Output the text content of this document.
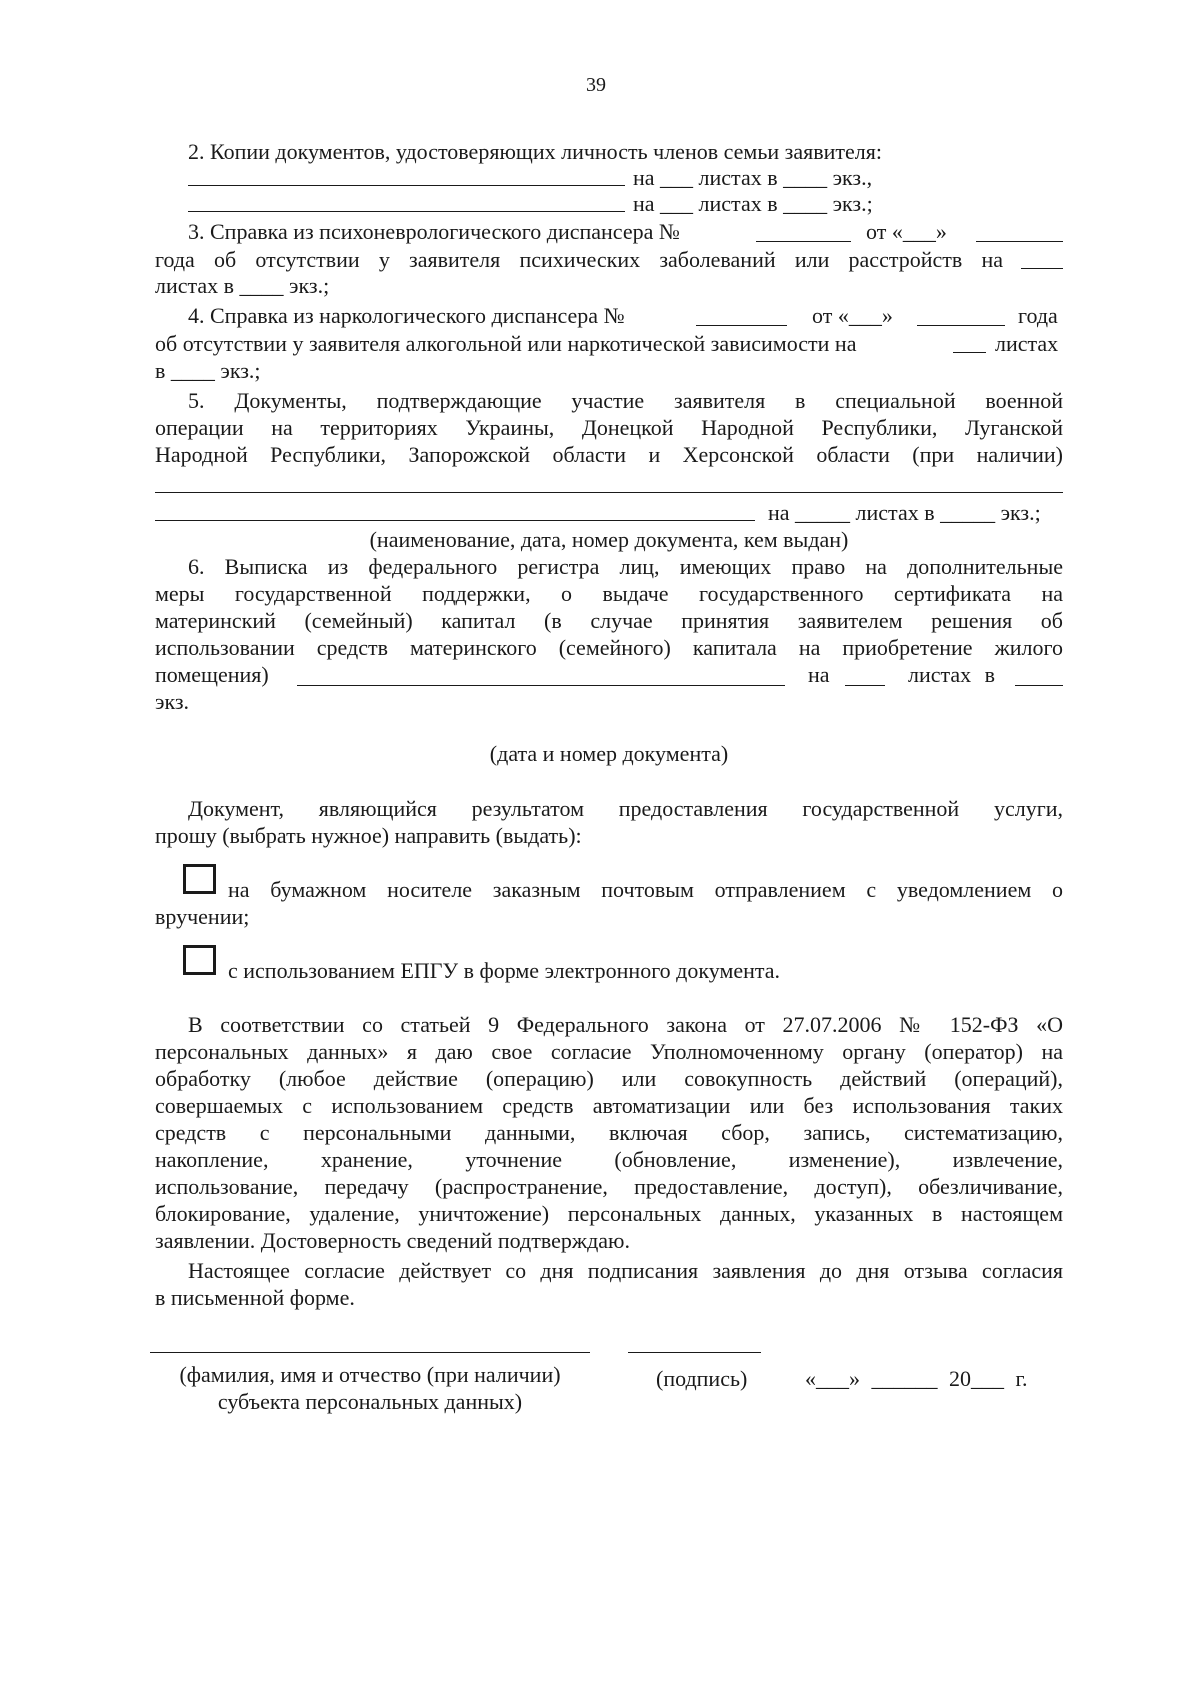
39
2. Копии документов, удостоверяющих личность членов семьи заявителя:
на ___ листах в ____ экз.,
на ___ листах в ____ экз.;
3. Справка из психоневрологического диспансера №	от «___»
года об отсутствии у заявителя психических заболеваний или расстройств на
листах в ____ экз.;
4. Справка из наркологического диспансера №	от «___»	года
об отсутствии у заявителя алкогольной или наркотической зависимости на	листах
в ____ экз.;
5. Документы, подтверждающие участие заявителя в специальной военной
операции на территориях Украины, Донецкой Народной Республики, Луганской
Народной Республики, Запорожской области и Херсонской области (при наличии)
на _____ листах в _____ экз.;
(наименование, дата, номер документа, кем выдан)
6. Выписка из федерального регистра лиц, имеющих право на дополнительные
меры государственной поддержки, о выдаче государственного сертификата на
материнский (семейный) капитал (в случае принятия заявителем решения об
использовании средств материнского (семейного) капитала на приобретение жилого
помещения)	на	листах в
экз.
(дата и номер документа)
Документ, являющийся результатом предоставления государственной услуги,
прошу (выбрать нужное) направить (выдать):
на бумажном носителе заказным почтовым отправлением с уведомлением о
вручении;
с использованием ЕПГУ в форме электронного документа.
В соответствии со статьей 9 Федерального закона от 27.07.2006 № 152-ФЗ «О
персональных данных» я даю свое согласие Уполномоченному органу (оператор) на
обработку (любое действие (операцию) или совокупность действий (операций),
совершаемых с использованием средств автоматизации или без использования таких
средств с персональными данными, включая сбор, запись, систематизацию,
накопление, хранение, уточнение (обновление, изменение), извлечение,
использование, передачу (распространение, предоставление, доступ), обезличивание,
блокирование, удаление, уничтожение) персональных данных, указанных в настоящем
заявлении. Достоверность сведений подтверждаю.
Настоящее согласие действует со дня подписания заявления до дня отзыва согласия
в письменной форме.
(фамилия, имя и отчество (при наличии)
субъекта персональных данных)
(подпись)	«___» ______ 20___ г.
